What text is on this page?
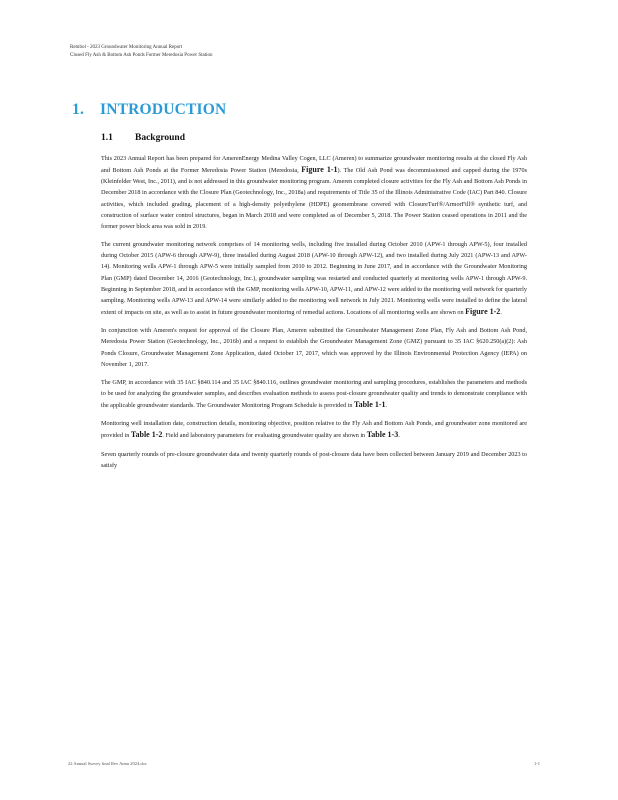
Rembol - 2023 Groundwater Monitoring Annual Report
Closed Fly Ash & Bottom Ash Ponds Former Meredosia Power Station
1. INTRODUCTION
1.1 Background

This 2023 Annual Report has been prepared for AmerenEnergy Medina Valley Cogen, LLC (Ameren) to summarize groundwater monitoring results at the closed Fly Ash and Bottom Ash Ponds at the Former Meredosia Power Station (Meredosia, Figure 1-1). The Old Ash Pond was decommissioned and capped during the 1970s (Kleinfelder West, Inc., 2011), and is not addressed in this groundwater monitoring program. Ameren completed closure activities for the Fly Ash and Bottom Ash Ponds in December 2018 in accordance with the Closure Plan (Geotechnology, Inc., 2018a) and requirements of Title 35 of the Illinois Administrative Code (IAC) Part 840. Closure activities, which included grading, placement of a high-density polyethylene (HDPE) geomembrane covered with ClosureTurf®/ArmorFill® synthetic turf, and construction of surface water control structures, began in March 2018 and were completed as of December 5, 2018. The Power Station ceased operations in 2011 and the former power block area was sold in 2019.

The current groundwater monitoring network comprises of 14 monitoring wells, including five installed during October 2010 (APW-1 through APW-5), four installed during October 2015 (APW-6 through APW-9), three installed during August 2018 (APW-10 through APW-12), and two installed during July 2021 (APW-13 and APW-14). Monitoring wells APW-1 through APW-5 were initially sampled from 2010 to 2012. Beginning in June 2017, and in accordance with the Groundwater Monitoring Plan (GMP) dated December 14, 2016 (Geotechnology, Inc.), groundwater sampling was restarted and conducted quarterly at monitoring wells APW-1 through APW-9. Beginning in September 2018, and in accordance with the GMP, monitoring wells APW-10, APW-11, and APW-12 were added to the monitoring well network for quarterly sampling. Monitoring wells APW-13 and APW-14 were similarly added to the monitoring well network in July 2021. Monitoring wells were installed to define the lateral extent of impacts on site, as well as to assist in future groundwater monitoring of remedial actions. Locations of all monitoring wells are shown on Figure 1-2.

In conjunction with Ameren's request for approval of the Closure Plan, Ameren submitted the Groundwater Management Zone Plan, Fly Ash and Bottom Ash Pond, Meredosia Power Station (Geotechnology, Inc., 2016b) and a request to establish the Groundwater Management Zone (GMZ) pursuant to 35 IAC §620.250(a)(2): Ash Ponds Closure, Groundwater Management Zone Application, dated October 17, 2017, which was approved by the Illinois Environmental Protection Agency (IEPA) on November 1, 2017.

The GMP, in accordance with 35 IAC §840.114 and 35 IAC §840.116, outlines groundwater monitoring and sampling procedures, establishes the parameters and methods to be used for analyzing the groundwater samples, and describes evaluation methods to assess post-closure groundwater quality and trends to demonstrate compliance with the applicable groundwater standards. The Groundwater Monitoring Program Schedule is provided in Table 1-1.

Monitoring well installation date, construction details, monitoring objective, position relative to the Fly Ash and Bottom Ash Ponds, and groundwater zone monitored are provided in Table 1-2. Field and laboratory parameters for evaluating groundwater quality are shown in Table 1-3.

Seven quarterly rounds of pre-closure groundwater data and twenty quarterly rounds of post-closure data have been collected between January 2019 and December 2023 to satisfy

22 Annual Survey final Rev Annu 2024.doc	1-1
